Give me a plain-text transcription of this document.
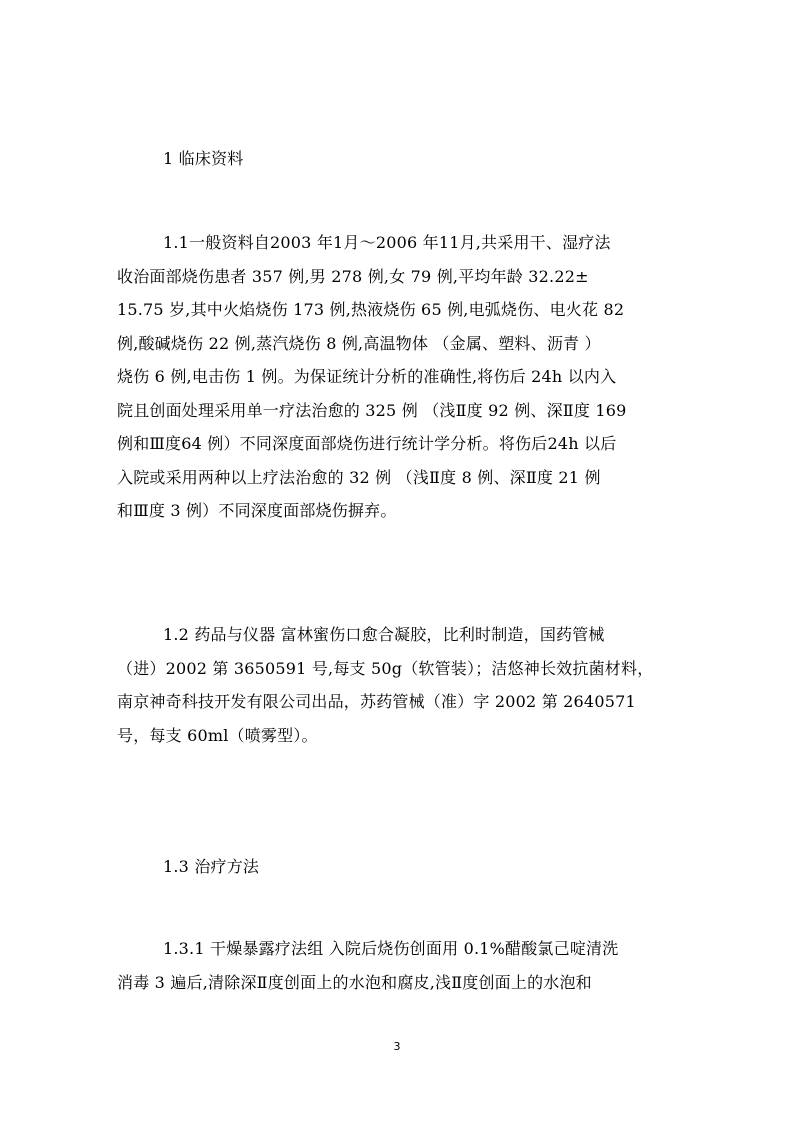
1 临床资料
1.1一般资料自2003 年1月～2006 年11月,共采用干、湿疗法
收治面部烧伤患者 357 例,男 278 例,女 79 例,平均年龄 32.22±
15.75 岁,其中火焰烧伤 173 例,热液烧伤 65 例,电弧烧伤、电火花 82
例,酸碱烧伤 22 例,蒸汽烧伤 8 例,高温物体 （金属、塑料、沥青 ）
烧伤 6 例,电击伤 1 例。为保证统计分析的准确性,将伤后 24h 以内入
院且创面处理采用单一疗法治愈的 325 例 （浅Ⅱ度 92 例、深Ⅱ度 169
例和Ⅲ度64 例）不同深度面部烧伤进行统计学分析。将伤后24h 以后
入院或采用两种以上疗法治愈的 32 例 （浅Ⅱ度 8 例、深Ⅱ度 21 例
和Ⅲ度 3 例）不同深度面部烧伤摒弃。
1.2 药品与仪器 富林蜜伤口愈合凝胶，比利时制造，国药管械
（进）2002 第 3650591 号,每支 50g（软管装）；洁悠神长效抗菌材料，
南京神奇科技开发有限公司出品，苏药管械（准）字 2002 第 2640571
号，每支 60ml（喷雾型）。
1.3 治疗方法
1.3.1 干燥暴露疗法组 入院后烧伤创面用 0.1%醋酸氯己啶清洗
消毒 3 遍后,清除深Ⅱ度创面上的水泡和腐皮,浅Ⅱ度创面上的水泡和
3
